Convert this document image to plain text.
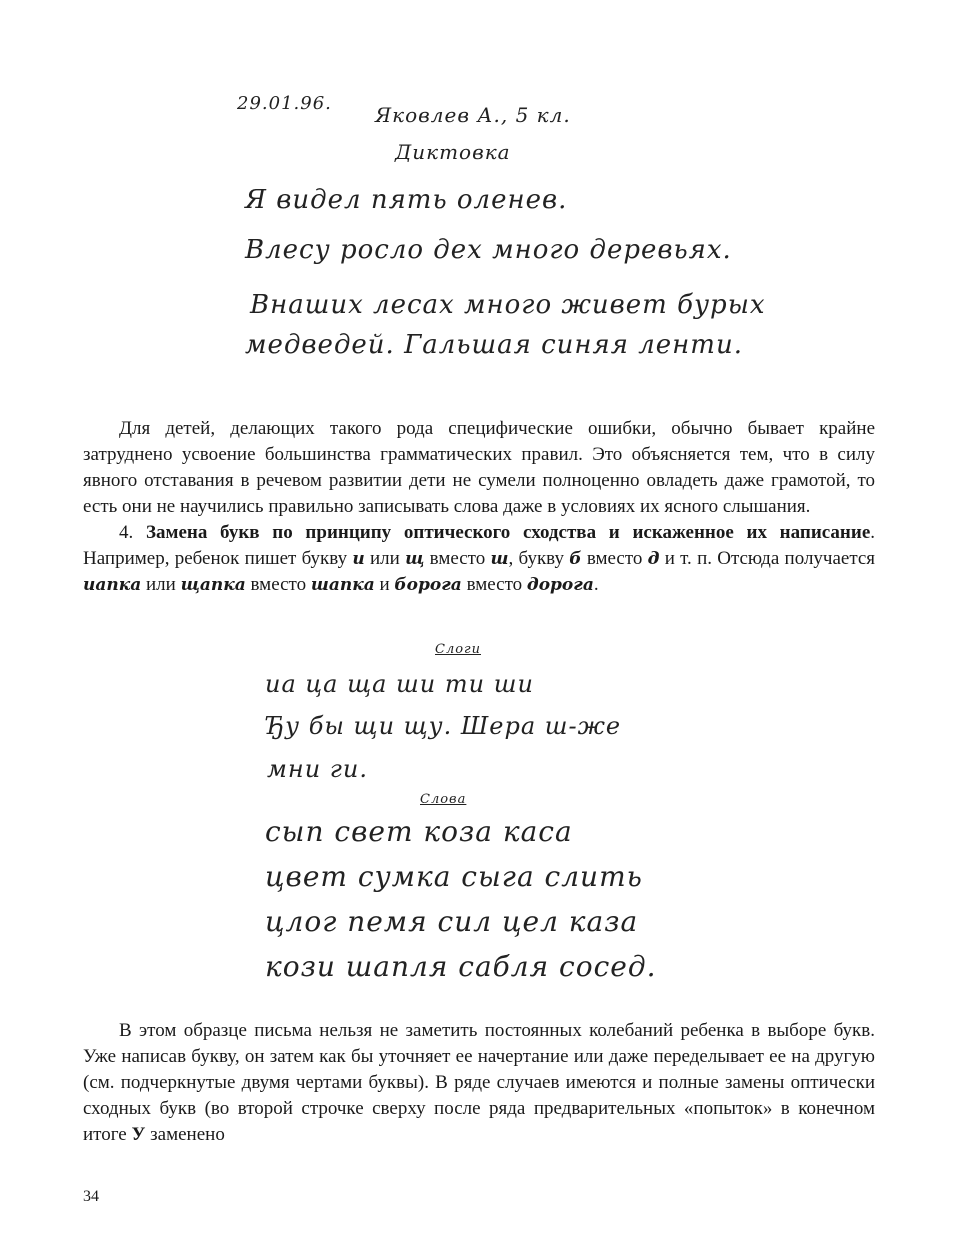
29.01.96. Яковлев А., 5 кл.
Диктовка
Я видел пять оленев.
Влесу росло дех много деревьях.
Внаших лесах много живет бурых
медведей. Гальшая синяя ленти.

Для детей, делающих такого рода специфические ошибки, обычно бывает крайне затруднено усвоение большинства грамматических правил. Это объясняется тем, что в силу явного отставания в речевом развитии дети не сумели полноценно овладеть даже грамотой, то есть они не научились правильно записывать слова даже в условиях их ясного слышания.

4. Замена букв по принципу оптического сходства и искаженное их написание. Например, ребенок пишет букву и или щ вместо ш, букву б вместо д и т. п. Отсюда получается иапка или щапка вместо шапка и борога вместо дорога.

Слоги
иа ца ща ши ти ши
Ђу бы щи щу. Шера ш-же
мни ги.
Слова
сып свет коза каса
цвет сумка сыга слить
цлог пемя сил цел каза
кози шапля сабля сосед.

В этом образце письма нельзя не заметить постоянных колебаний ребенка в выборе букв. Уже написав букву, он затем как бы уточняет ее начертание или даже переделывает ее на другую (см. подчеркнутые двумя чертами буквы). В ряде случаев имеются и полные замены оптически сходных букв (во второй строчке сверху после ряда предварительных «попыток» в конечном итоге У заменено

34
